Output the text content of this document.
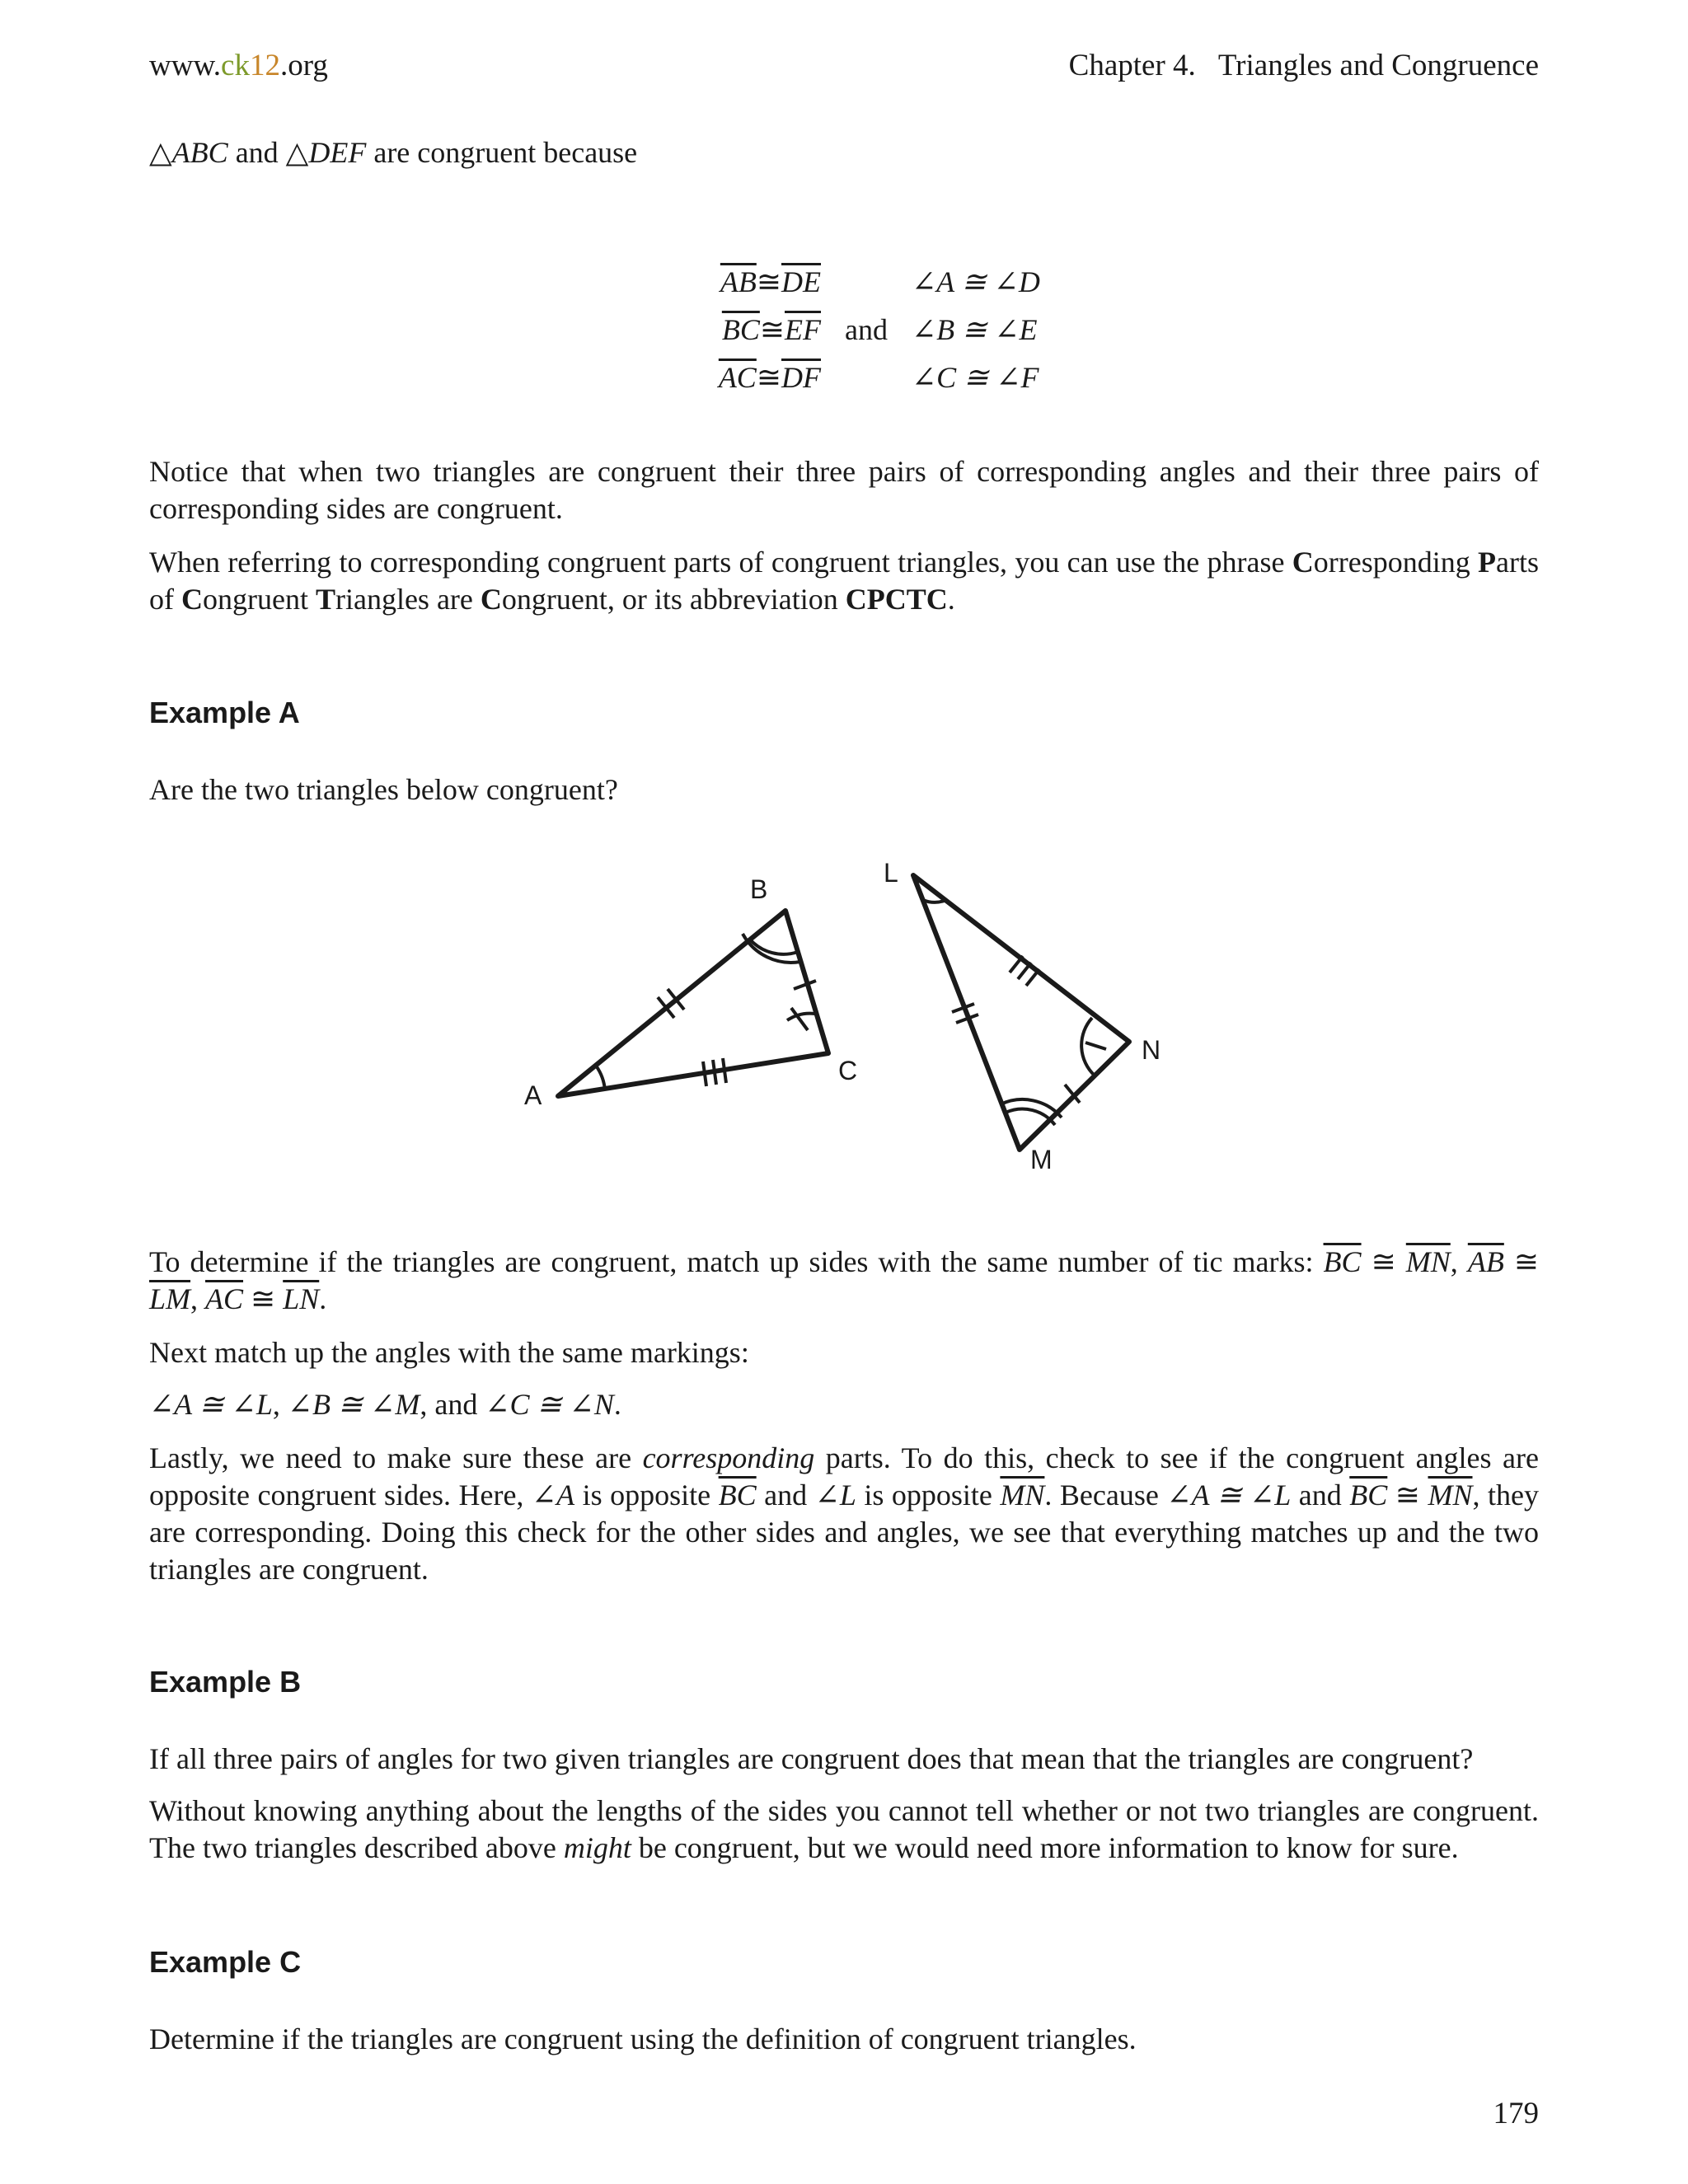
www.ck12.org	Chapter 4.   Triangles and Congruence
△ABC and △DEF are congruent because
$\overline{AB}≅\overline{DE}$	∠A ≅ ∠D
$\overline{BC}≅\overline{EF}$ and ∠B ≅ ∠E
$\overline{AC}≅\overline{DF}$	∠C ≅ ∠F
Notice that when two triangles are congruent their three pairs of corresponding angles and their three pairs of corresponding sides are congruent.
When referring to corresponding congruent parts of congruent triangles, you can use the phrase Corresponding Parts of Congruent Triangles are Congruent, or its abbreviation CPCTC.
Example A
Are the two triangles below congruent?
A
B
C
L
M
N
To determine if the triangles are congruent, match up sides with the same number of tic marks: $\overline{BC}$ ≅ $\overline{MN}$, $\overline{AB}$ ≅ $\overline{LM}$, $\overline{AC}$ ≅ $\overline{LN}$.
Next match up the angles with the same markings:
∠A ≅ ∠L, ∠B ≅ ∠M, and ∠C ≅ ∠N.
Lastly, we need to make sure these are corresponding parts. To do this, check to see if the congruent angles are opposite congruent sides. Here, ∠A is opposite $\overline{BC}$ and ∠L is opposite $\overline{MN}$. Because ∠A ≅ ∠L and $\overline{BC}$ ≅ $\overline{MN}$, they are corresponding. Doing this check for the other sides and angles, we see that everything matches up and the two triangles are congruent.
Example B
If all three pairs of angles for two given triangles are congruent does that mean that the triangles are congruent?
Without knowing anything about the lengths of the sides you cannot tell whether or not two triangles are congruent. The two triangles described above might be congruent, but we would need more information to know for sure.
Example C
Determine if the triangles are congruent using the definition of congruent triangles.
179
